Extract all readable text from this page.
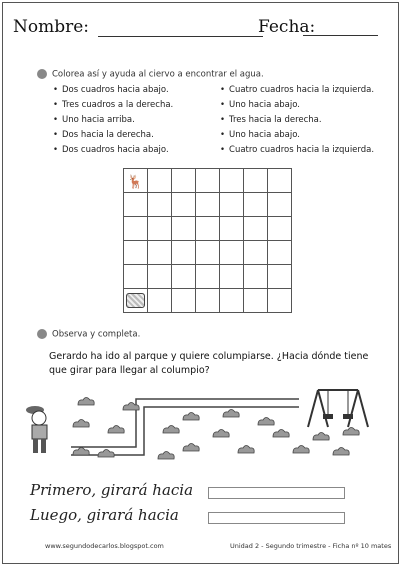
Nombre:	Fecha:
Colorea así y ayuda al ciervo a encontrar el agua.
• Dos cuadros hacia abajo.
• Tres cuadros a la derecha.
• Uno hacia arriba.
• Dos hacia la derecha.
• Dos cuadros hacia abajo.
• Cuatro cuadros hacia la izquierda.
• Uno hacia abajo.
• Tres hacia la derecha.
• Uno hacia abajo.
• Cuatro cuadros hacia la izquierda.
🦌						

Observa y completa.
Gerardo ha ido al parque y quiere columpiarse. ¿Hacia dónde tiene que girar para llegar al columpio?
Primero, girará hacia
Luego, girará hacia
www.segundodecarlos.blogspot.com	Unidad 2 - Segundo trimestre - Ficha nº 10 mates
